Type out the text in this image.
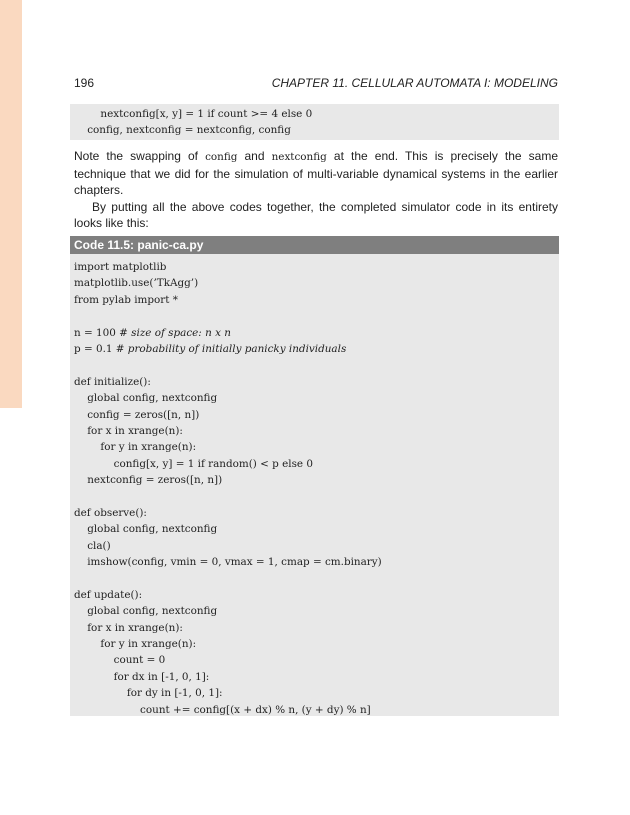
196	CHAPTER 11. CELLULAR AUTOMATA I: MODELING
nextconfig[x, y] = 1 if count >= 4 else 0
config, nextconfig = nextconfig, config

Note the swapping of config and nextconfig at the end. This is precisely the same technique that we did for the simulation of multi-variable dynamical systems in the earlier chapters.

By putting all the above codes together, the completed simulator code in its entirety looks like this:

Code 11.5: panic-ca.py
import matplotlib
matplotlib.use(’TkAgg’)
from pylab import *
n = 100 # size of space: n x n
p = 0.1 # probability of initially panicky individuals
def initialize():
global config, nextconfig
config = zeros([n, n])
for x in xrange(n):
for y in xrange(n):
config[x, y] = 1 if random() < p else 0
nextconfig = zeros([n, n])
def observe():
global config, nextconfig
cla()
imshow(config, vmin = 0, vmax = 1, cmap = cm.binary)
def update():
global config, nextconfig
for x in xrange(n):
for y in xrange(n):
count = 0
for dx in [-1, 0, 1]:
for dy in [-1, 0, 1]:
count += config[(x + dx) % n, (y + dy) % n]
